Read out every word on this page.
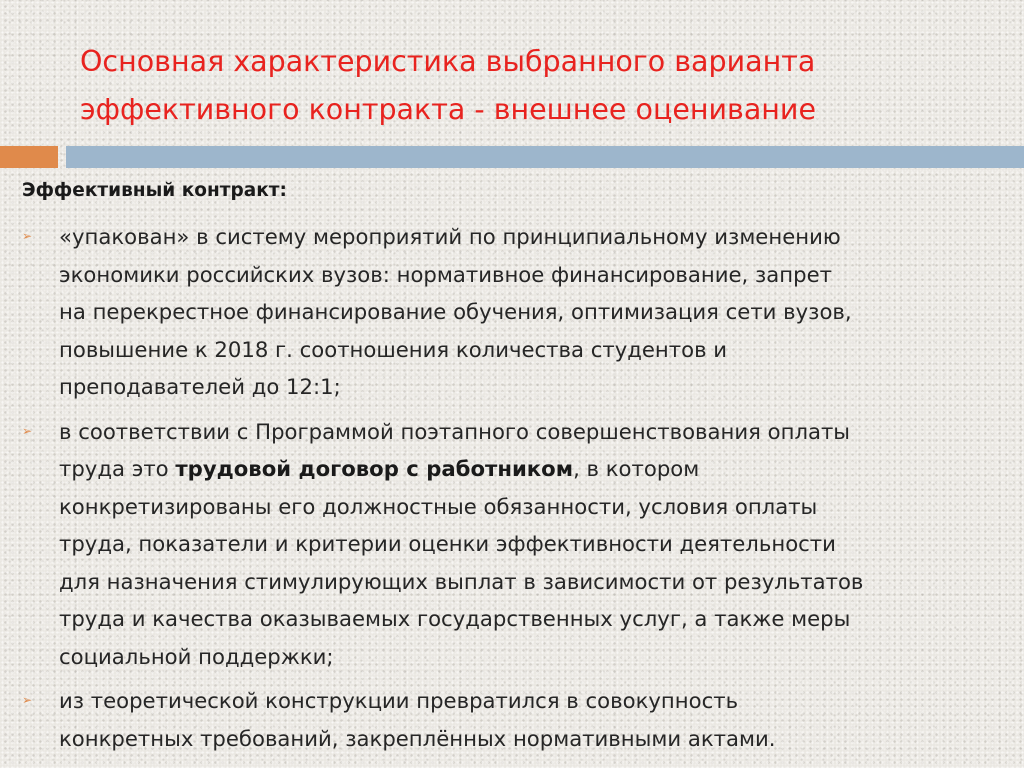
Основная характеристика выбранного варианта
эффективного контракта - внешнее оценивание
Эффективный контракт:
➢ «упакован» в систему мероприятий по принципиальному изменению
экономики российских вузов: нормативное финансирование, запрет
на перекрестное финансирование обучения, оптимизация сети вузов,
повышение к 2018 г. соотношения количества студентов и
преподавателей до 12:1;
➢ в соответствии с Программой поэтапного совершенствования оплаты
труда это трудовой договор с работником, в котором
конкретизированы его должностные обязанности, условия оплаты
труда, показатели и критерии оценки эффективности деятельности
для назначения стимулирующих выплат в зависимости от результатов
труда и качества оказываемых государственных услуг, а также меры
социальной поддержки;
➢ из теоретической конструкции превратился в совокупность
конкретных требований, закреплённых нормативными актами.
